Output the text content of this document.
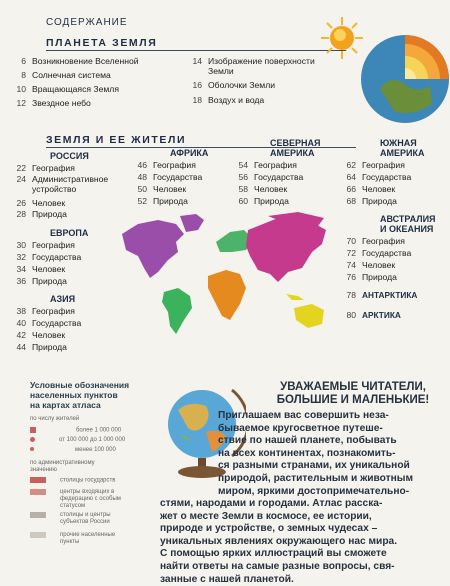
СОДЕРЖАНИЕ
ПЛАНЕТА ЗЕМЛЯ
6 Возникновение Вселенной
8 Солнечная система
10 Вращающаяся Земля
12 Звездное небо
14 Изображение поверхности Земли
16 Оболочки Земли
18 Воздух и вода
ЗЕМЛЯ И ЕЕ ЖИТЕЛИ
РОССИЯ
22 География
24 Административное устройство
26 Человек
28 Природа
АФРИКА
46 География
48 Государства
50 Человек
52 Природа
СЕВЕРНАЯ
АМЕРИКА
54 География
56 Государства
58 Человек
60 Природа
ЮЖНАЯ
АМЕРИКА
62 География
64 Государства
66 Человек
68 Природа
ЕВРОПА
30 География
32 Государства
34 Человек
36 Природа
АЗИЯ
38 География
40 Государства
42 Человек
44 Природа
АВСТРАЛИЯ
И ОКЕАНИЯ
70 География
72 Государства
74 Человек
76 Природа
78 АНТАРКТИКА
80 АРКТИКА
Условные обозначения
населенных пунктов
на картах атласа
по числу жителей
более 1 000 000
от 100 000 до 1 000 000
менее 100 000
по административному
значению
столицы государств
центры входящих в федерацию с особым статусом
столицы и центры субъектов России
прочие населенные пункты
УВАЖАЕМЫЕ ЧИТАТЕЛИ,
БОЛЬШИЕ И МАЛЕНЬКИЕ!
Приглашаем вас совершить неза-
бываемое кругосветное путеше-
ствие по нашей планете, побывать
на всех континентах, познакомить-
ся разными странами, их уникальной
природой, растительным и животным
миром, яркими достопримечательно-
стями, народами и городами. Атлас расска-
жет о месте Земли в космосе, ее истории,
природе и устройстве, о земных чудесах –
уникальных явлениях окружающего нас мира.
С помощью ярких иллюстраций вы сможете
найти ответы на самые разные вопросы, свя-
занные с нашей планетой.
